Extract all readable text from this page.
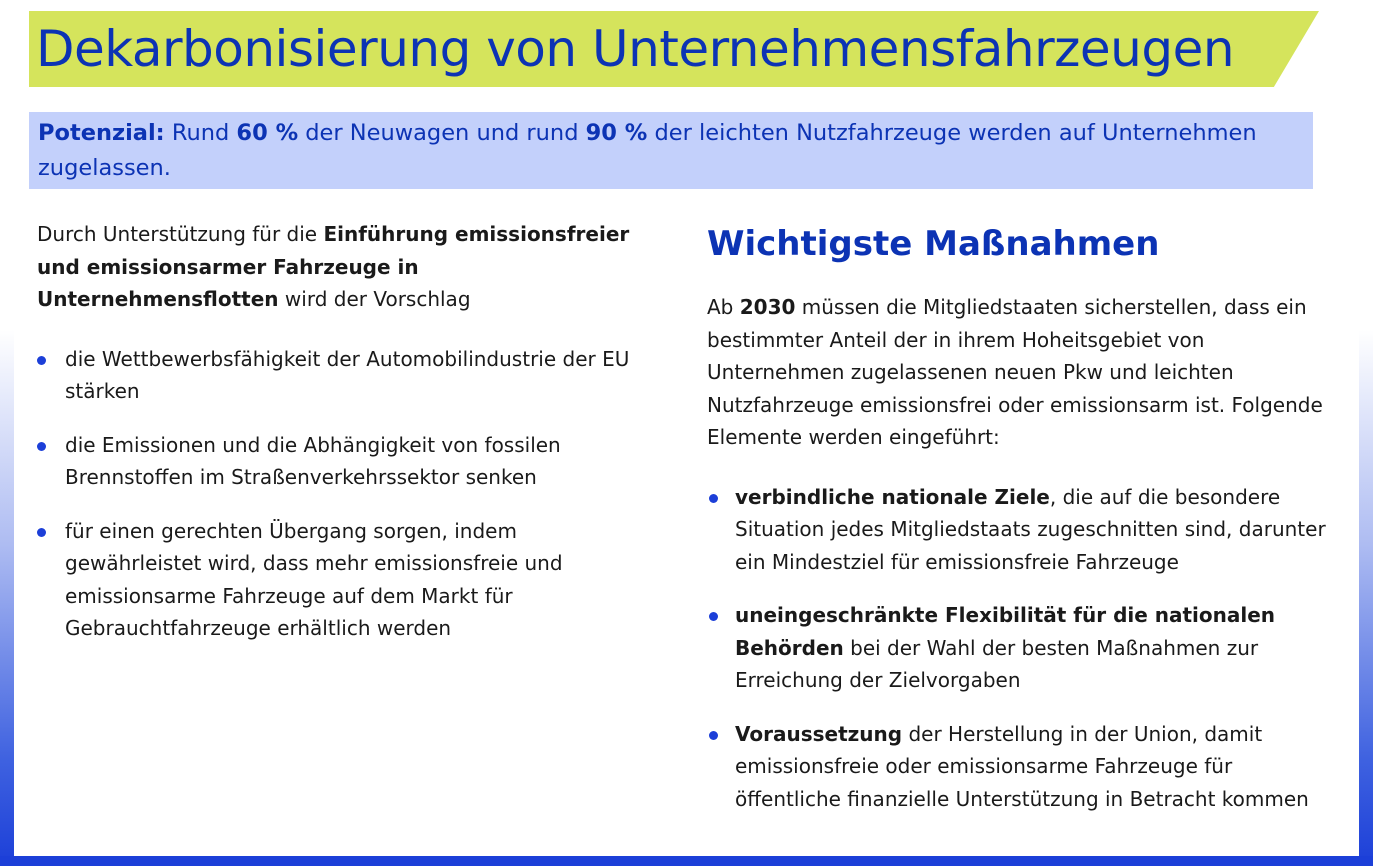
Dekarbonisierung von Unternehmensfahrzeugen
Potenzial: Rund 60 % der Neuwagen und rund 90 % der leichten Nutzfahrzeuge werden auf Unternehmen zugelassen.

Durch Unterstützung für die Einführung emissionsfreier und emissionsarmer Fahrzeuge in Unternehmensflotten wird der Vorschlag

die Wettbewerbsfähigkeit der Automobilindustrie der EU stärken
die Emissionen und die Abhängigkeit von fossilen Brennstoffen im Straßenverkehrssektor senken
für einen gerechten Übergang sorgen, indem gewährleistet wird, dass mehr emissionsfreie und emissionsarme Fahrzeuge auf dem Markt für Gebrauchtfahrzeuge erhältlich werden
Wichtigste Maßnahmen

Ab 2030 müssen die Mitgliedstaaten sicherstellen, dass ein bestimmter Anteil der in ihrem Hoheitsgebiet von Unternehmen zugelassenen neuen Pkw und leichten Nutzfahrzeuge emissionsfrei oder emissionsarm ist. Folgende Elemente werden eingeführt:

verbindliche nationale Ziele, die auf die besondere Situation jedes Mitgliedstaats zugeschnitten sind, darunter ein Mindestziel für emissionsfreie Fahrzeuge
uneingeschränkte Flexibilität für die nationalen Behörden bei der Wahl der besten Maßnahmen zur Erreichung der Zielvorgaben
Voraussetzung der Herstellung in der Union, damit emissionsfreie oder emissionsarme Fahrzeuge für öffentliche finanzielle Unterstützung in Betracht kommen
